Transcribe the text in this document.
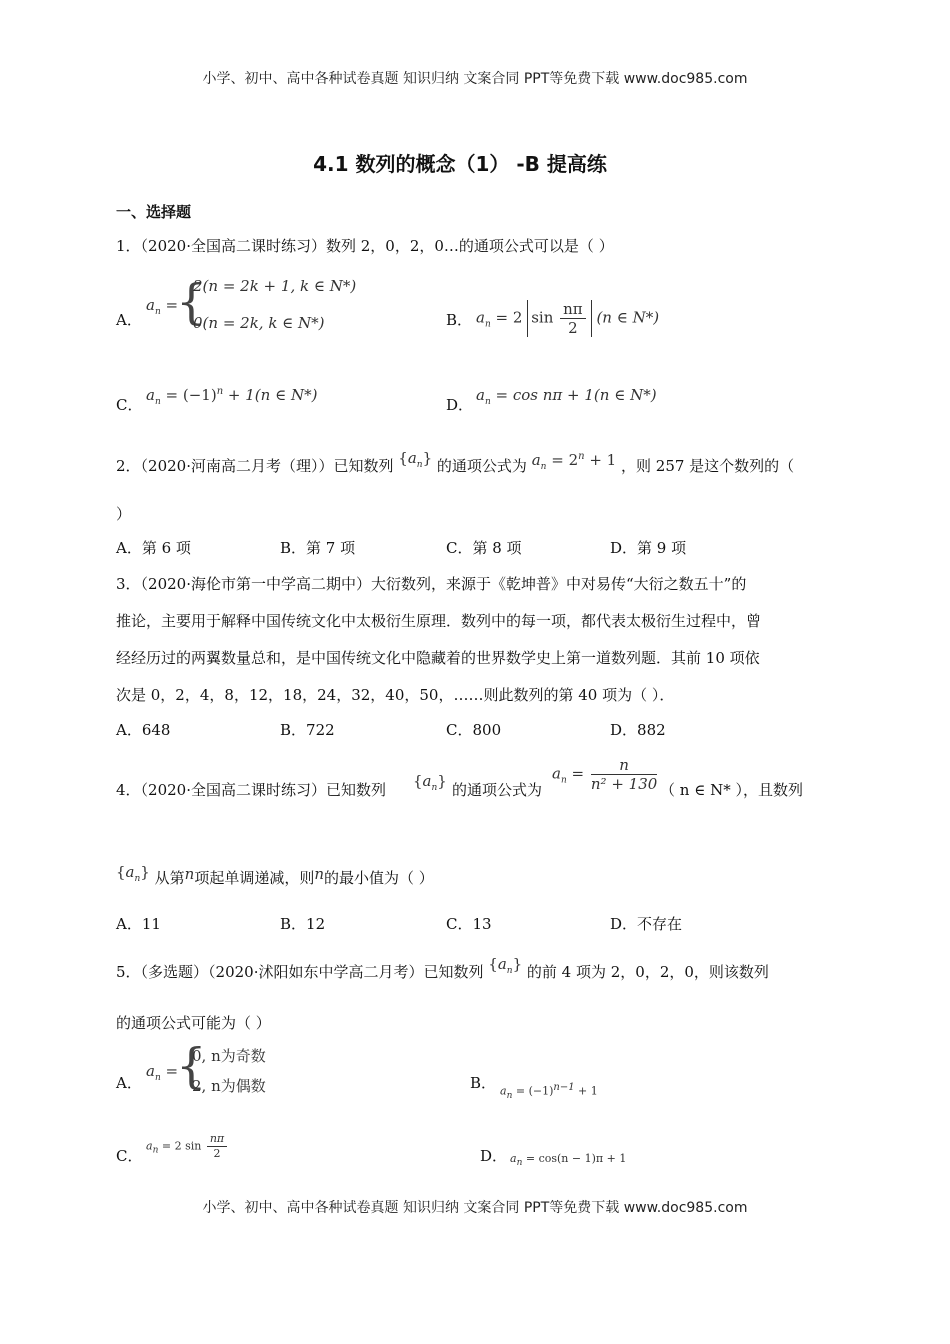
小学、初中、高中各种试卷真题 知识归纳 文案合同 PPT等免费下载 www.doc985.com
4.1 数列的概念（1） -B 提高练
一、选择题
1．（2020·全国高二课时练习）数列 2，0，2，0…的通项公式可以是（ ）
A．
$a_n$ =
{
2(n = 2k + 1, k ∈ N*)
0(n = 2k, k ∈ N*)	B． $a_n = 2$ $\sin \frac{n\pi}{2} (n$ ∈ N*)
C．
$a_n = (-1)^n + 1(n$ ∈ N*)
D．
$a_n = \cos n\pi + 1(n$ ∈ N*)
2．（2020·河南高二月考（理））已知数列 $\{a_n\}$ 的通项公式为 $a_n = 2^n + 1$ ，则 257 是这个数列的（
）
A．第 6 项	B．第 7 项	C．第 8 项	D．第 9 项
3．（2020·海伦市第一中学高二期中）大衍数列，来源于《乾坤普》中对易传“大衍之数五十”的
推论，主要用于解释中国传统文化中太极衍生原理．数列中的每一项，都代表太极衍生过程中，曾
经经历过的两翼数量总和，是中国传统文化中隐藏着的世界数学史上第一道数列题．其前 10 项依
次是 0，2，4，8，12，18，24，32，40，50，……则此数列的第 40 项为（ ）．
A．648	B．722	C．800	D．882
4．（2020·全国高二课时练习）已知数列 $\{a_n\}$ 的通项公式为
$a_n = \frac{n}{\text{n² + 130}}$ （ n ∈ N* ），且数列
$\{a_n\}$ 从第n项起单调递减，则n的最小值为（ ）
A．11	B．12	C．13	D．不存在
5．（多选题）（2020·沭阳如东中学高二月考）已知数列 $\{a_n\}$ 的前 4 项为 2，0，2，0，则该数列
的通项公式可能为（ ）
A．
$a_n$ =
{
0, n为奇数
2, n为偶数	B． $a_n = (-1)n-1 + 1$
C．
$a_n = 2$ $\sin \frac{n\pi}{2}$	D． $a_n = \cos(n - 1)\pi + 1$
小学、初中、高中各种试卷真题 知识归纳 文案合同 PPT等免费下载 www.doc985.com
